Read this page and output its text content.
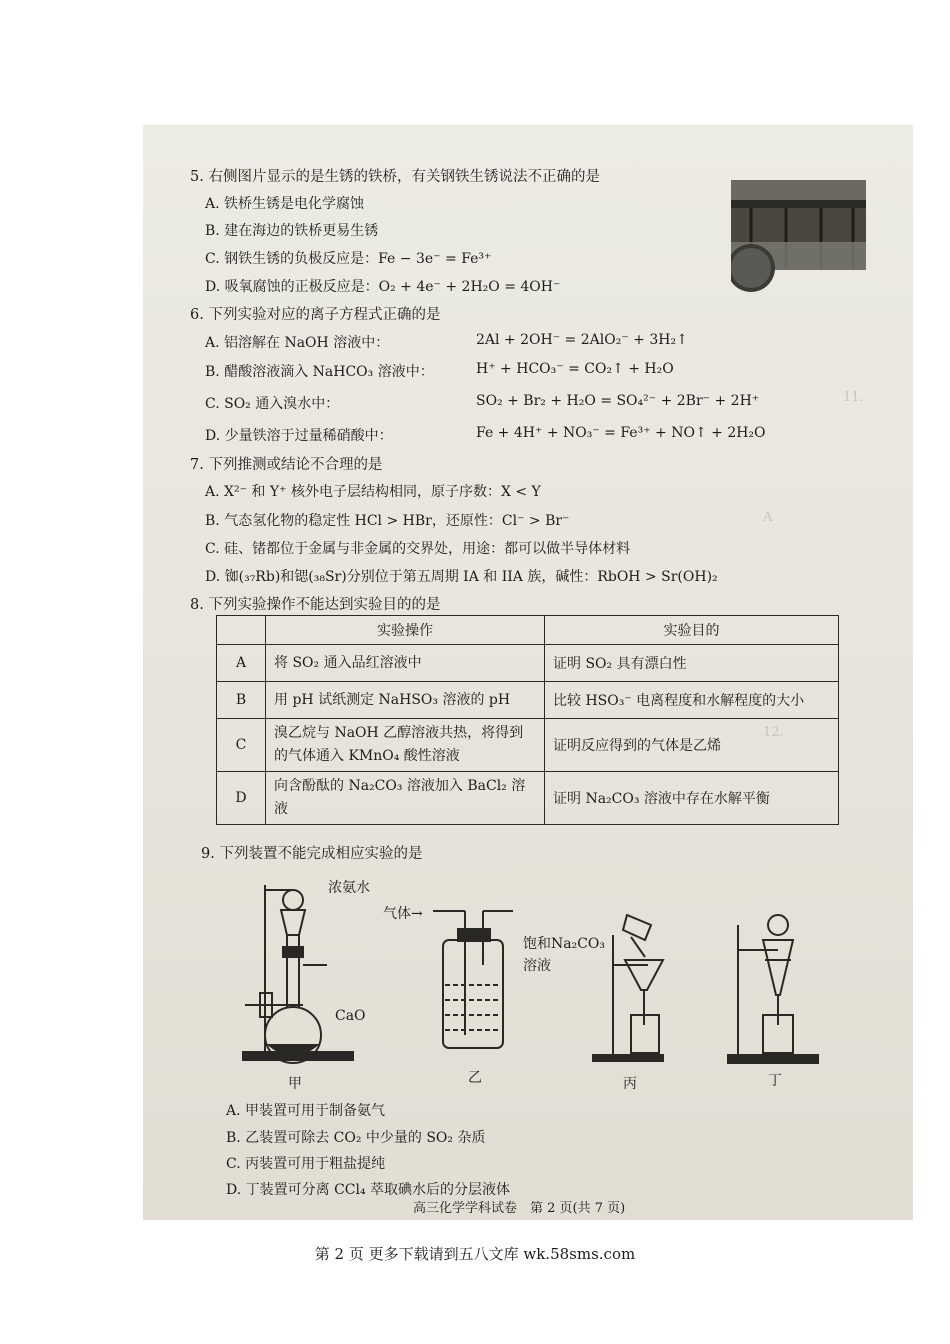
11.
A
12.
5. 右侧图片显示的是生锈的铁桥，有关钢铁生锈说法不正确的是
A. 铁桥生锈是电化学腐蚀
B. 建在海边的铁桥更易生锈
C. 钢铁生锈的负极反应是：Fe − 3e⁻ = Fe³⁺
D. 吸氧腐蚀的正极反应是：O₂ + 4e⁻ + 2H₂O = 4OH⁻
6. 下列实验对应的离子方程式正确的是
A. 铝溶解在 NaOH 溶液中：	2Al + 2OH⁻ = 2AlO₂⁻ + 3H₂↑
B. 醋酸溶液滴入 NaHCO₃ 溶液中：	H⁺ + HCO₃⁻ = CO₂↑ + H₂O
C. SO₂ 通入溴水中：	SO₂ + Br₂ + H₂O = SO₄²⁻ + 2Br⁻ + 2H⁺
D. 少量铁溶于过量稀硝酸中：	Fe + 4H⁺ + NO₃⁻ = Fe³⁺ + NO↑ + 2H₂O
7. 下列推测或结论不合理的是
A. X²⁻ 和 Y⁺ 核外电子层结构相同，原子序数：X < Y
B. 气态氢化物的稳定性 HCl > HBr，还原性：Cl⁻ > Br⁻
C. 硅、锗都位于金属与非金属的交界处，用途：都可以做半导体材料
D. 铷(₃₇Rb)和锶(₃₈Sr)分别位于第五周期 IA 和 IIA 族，碱性：RbOH > Sr(OH)₂
8. 下列实验操作不能达到实验目的的是
	实验操作	实验目的
A	将 SO₂ 通入品红溶液中	证明 SO₂ 具有漂白性
B	用 pH 试纸测定 NaHSO₃ 溶液的 pH	比较 HSO₃⁻ 电离程度和水解程度的大小
C	溴乙烷与 NaOH 乙醇溶液共热，将得到的气体通入 KMnO₄ 酸性溶液	证明反应得到的气体是乙烯
D	向含酚酞的 Na₂CO₃ 溶液加入 BaCl₂ 溶液	证明 Na₂CO₃ 溶液中存在水解平衡
9. 下列装置不能完成相应实验的是
浓氨水
CaO
气体→
饱和Na₂CO₃
溶液
甲	乙	丙	丁
A. 甲装置可用于制备氨气
B. 乙装置可除去 CO₂ 中少量的 SO₂ 杂质
C. 丙装置可用于粗盐提纯
D. 丁装置可分离 CCl₄ 萃取碘水后的分层液体
高三化学学科试卷　第 2 页(共 7 页)
第 2 页 更多下载请到五八文库 wk.58sms.com
